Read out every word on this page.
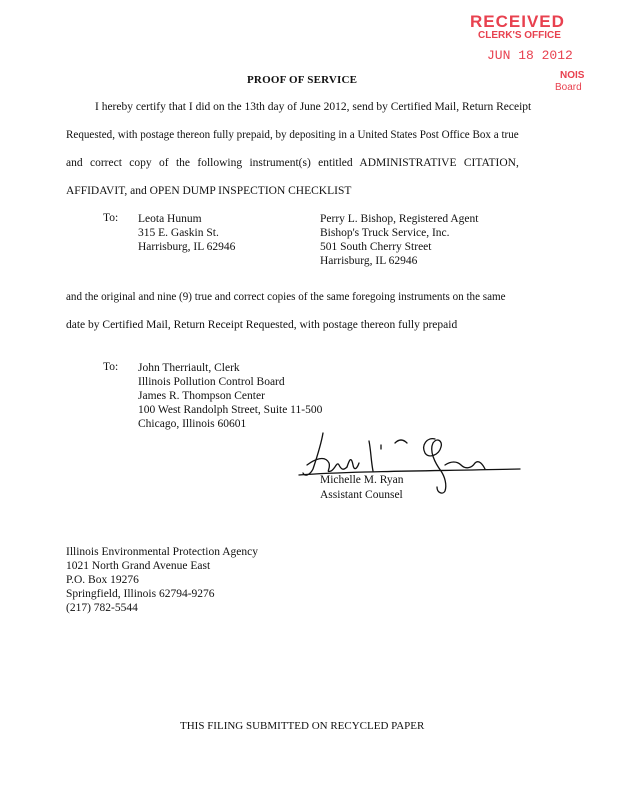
RECEIVED
CLERK'S OFFICE
JUN 18 2012
NOIS
Board
PROOF OF SERVICE
I hereby certify that I did on the 13th day of June 2012, send by Certified Mail, Return Receipt
Requested, with postage thereon fully prepaid, by depositing in a United States Post Office Box a true
and correct copy of the following instrument(s) entitled ADMINISTRATIVE CITATION,
AFFIDAVIT, and OPEN DUMP INSPECTION CHECKLIST
To: Leota Hunum
315 E. Gaskin St.
Harrisburg, IL 62946
Perry L. Bishop, Registered Agent
Bishop's Truck Service, Inc.
501 South Cherry Street
Harrisburg, IL 62946
and the original and nine (9) true and correct copies of the same foregoing instruments on the same
date by Certified Mail, Return Receipt Requested, with postage thereon fully prepaid
To: John Therriault, Clerk
Illinois Pollution Control Board
James R. Thompson Center
100 West Randolph Street, Suite 11-500
Chicago, Illinois 60601
Michelle M. Ryan
Assistant Counsel
Illinois Environmental Protection Agency
1021 North Grand Avenue East
P.O. Box 19276
Springfield, Illinois 62794-9276
(217) 782-5544
THIS FILING SUBMITTED ON RECYCLED PAPER
